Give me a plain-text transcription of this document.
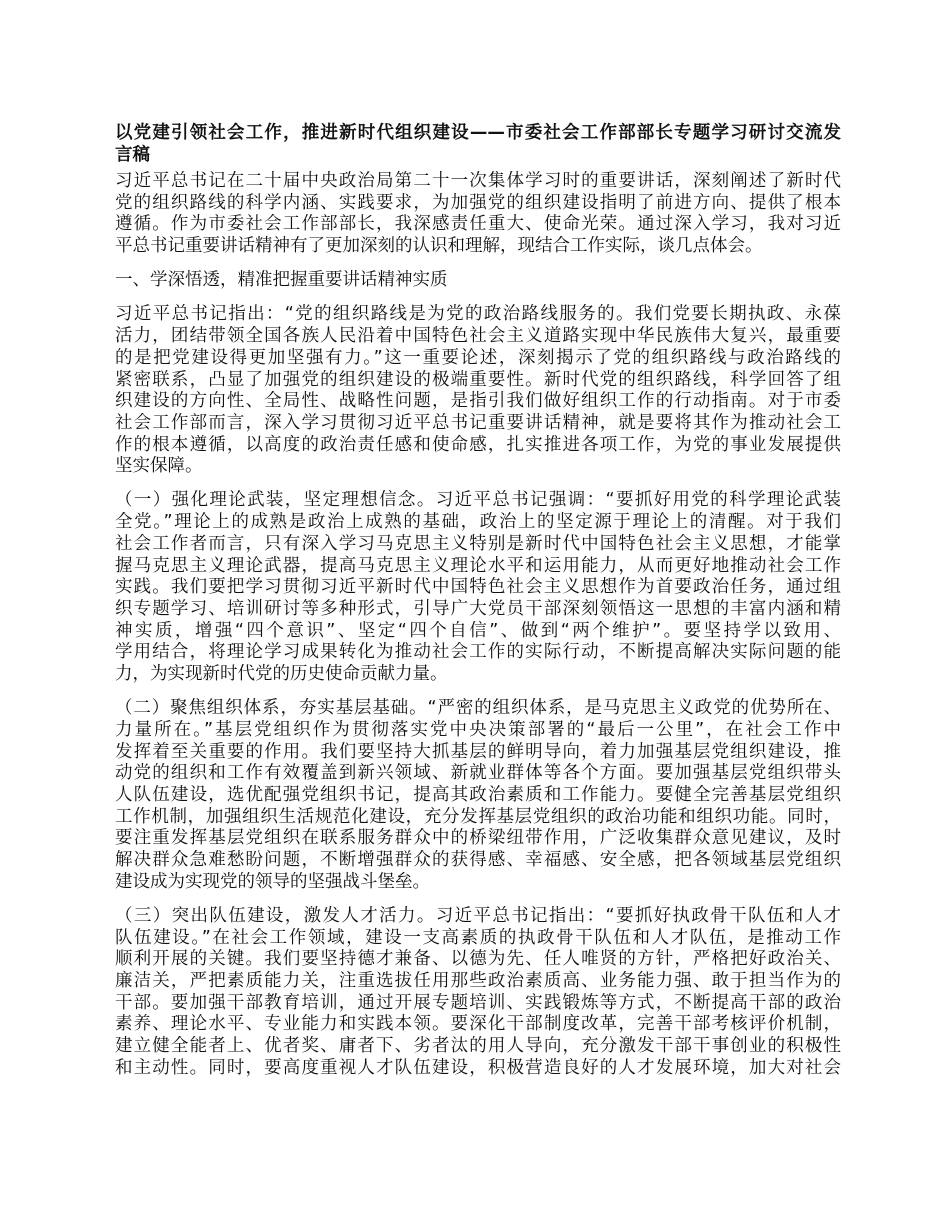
以党建引领社会工作，推进新时代组织建设——市委社会工作部部长专题学习研讨交流发
言稿
习近平总书记在二十届中央政治局第二十一次集体学习时的重要讲话，深刻阐述了新时代
党的组织路线的科学内涵、实践要求，为加强党的组织建设指明了前进方向、提供了根本
遵循。作为市委社会工作部部长，我深感责任重大、使命光荣。通过深入学习，我对习近
平总书记重要讲话精神有了更加深刻的认识和理解，现结合工作实际，谈几点体会。
一、学深悟透，精准把握重要讲话精神实质
习近平总书记指出：“党的组织路线是为党的政治路线服务的。我们党要长期执政、永葆
活力，团结带领全国各族人民沿着中国特色社会主义道路实现中华民族伟大复兴，最重要
的是把党建设得更加坚强有力。”这一重要论述，深刻揭示了党的组织路线与政治路线的
紧密联系，凸显了加强党的组织建设的极端重要性。新时代党的组织路线，科学回答了组
织建设的方向性、全局性、战略性问题，是指引我们做好组织工作的行动指南。对于市委
社会工作部而言，深入学习贯彻习近平总书记重要讲话精神，就是要将其作为推动社会工
作的根本遵循，以高度的政治责任感和使命感，扎实推进各项工作，为党的事业发展提供
坚实保障。
（一）强化理论武装，坚定理想信念。习近平总书记强调：“要抓好用党的科学理论武装
全党。”理论上的成熟是政治上成熟的基础，政治上的坚定源于理论上的清醒。对于我们
社会工作者而言，只有深入学习马克思主义特别是新时代中国特色社会主义思想，才能掌
握马克思主义理论武器，提高马克思主义理论水平和运用能力，从而更好地推动社会工作
实践。我们要把学习贯彻习近平新时代中国特色社会主义思想作为首要政治任务，通过组
织专题学习、培训研讨等多种形式，引导广大党员干部深刻领悟这一思想的丰富内涵和精
神实质，增强“四个意识”、坚定“四个自信”、做到“两个维护”。要坚持学以致用、
学用结合，将理论学习成果转化为推动社会工作的实际行动，不断提高解决实际问题的能
力，为实现新时代党的历史使命贡献力量。
（二）聚焦组织体系，夯实基层基础。“严密的组织体系，是马克思主义政党的优势所在、
力量所在。”基层党组织作为贯彻落实党中央决策部署的“最后一公里”，在社会工作中
发挥着至关重要的作用。我们要坚持大抓基层的鲜明导向，着力加强基层党组织建设，推
动党的组织和工作有效覆盖到新兴领域、新就业群体等各个方面。要加强基层党组织带头
人队伍建设，选优配强党组织书记，提高其政治素质和工作能力。要健全完善基层党组织
工作机制，加强组织生活规范化建设，充分发挥基层党组织的政治功能和组织功能。同时，
要注重发挥基层党组织在联系服务群众中的桥梁纽带作用，广泛收集群众意见建议，及时
解决群众急难愁盼问题，不断增强群众的获得感、幸福感、安全感，把各领域基层党组织
建设成为实现党的领导的坚强战斗堡垒。
（三）突出队伍建设，激发人才活力。习近平总书记指出：“要抓好执政骨干队伍和人才
队伍建设。”在社会工作领域，建设一支高素质的执政骨干队伍和人才队伍，是推动工作
顺利开展的关键。我们要坚持德才兼备、以德为先、任人唯贤的方针，严格把好政治关、
廉洁关，严把素质能力关，注重选拔任用那些政治素质高、业务能力强、敢于担当作为的
干部。要加强干部教育培训，通过开展专题培训、实践锻炼等方式，不断提高干部的政治
素养、理论水平、专业能力和实践本领。要深化干部制度改革，完善干部考核评价机制，
建立健全能者上、优者奖、庸者下、劣者汰的用人导向，充分激发干部干事创业的积极性
和主动性。同时，要高度重视人才队伍建设，积极营造良好的人才发展环境，加大对社会
